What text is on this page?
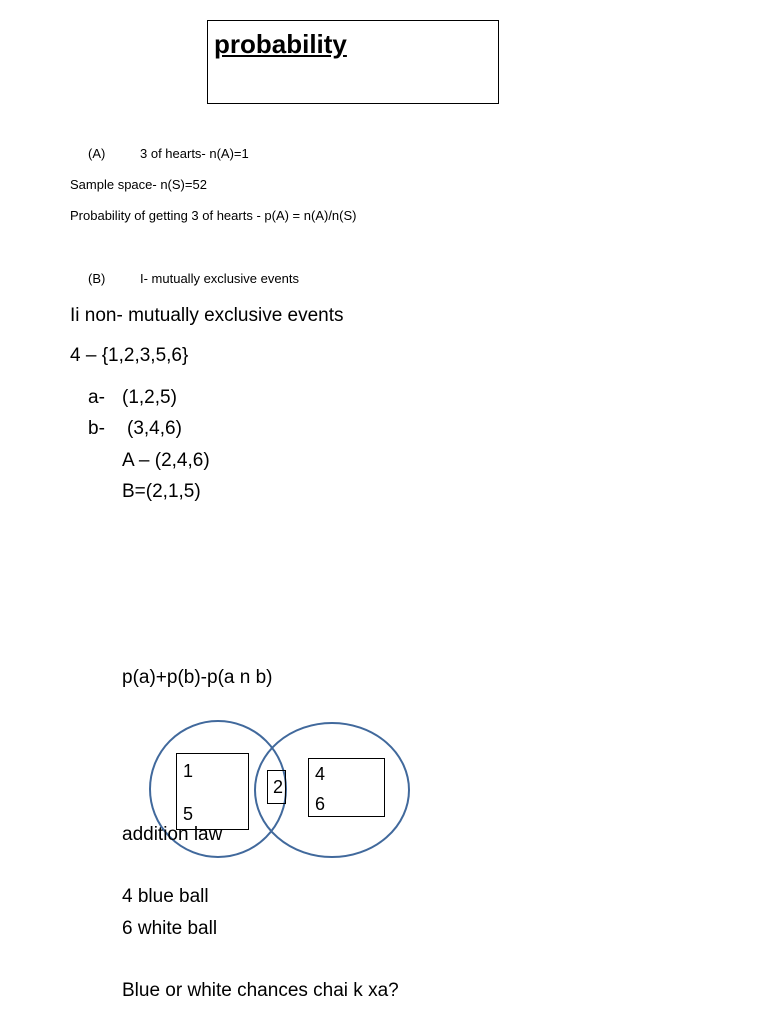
probability
(A)	3 of hearts- n(A)=1
Sample space- n(S)=52
Probability of getting 3 of hearts - p(A) = n(A)/n(S)
(B)	I- mutually exclusive events
Ii non- mutually exclusive events
4 – {1,2,3,5,6}
a- (1,2,5)
b- (3,4,6)
A – (2,4,6)
B=(2,1,5)
p(a)+p(b)-p(a n b)
1
5
2
4
6
addition law
4 blue ball
6 white ball
Blue or white chances chai k xa?
